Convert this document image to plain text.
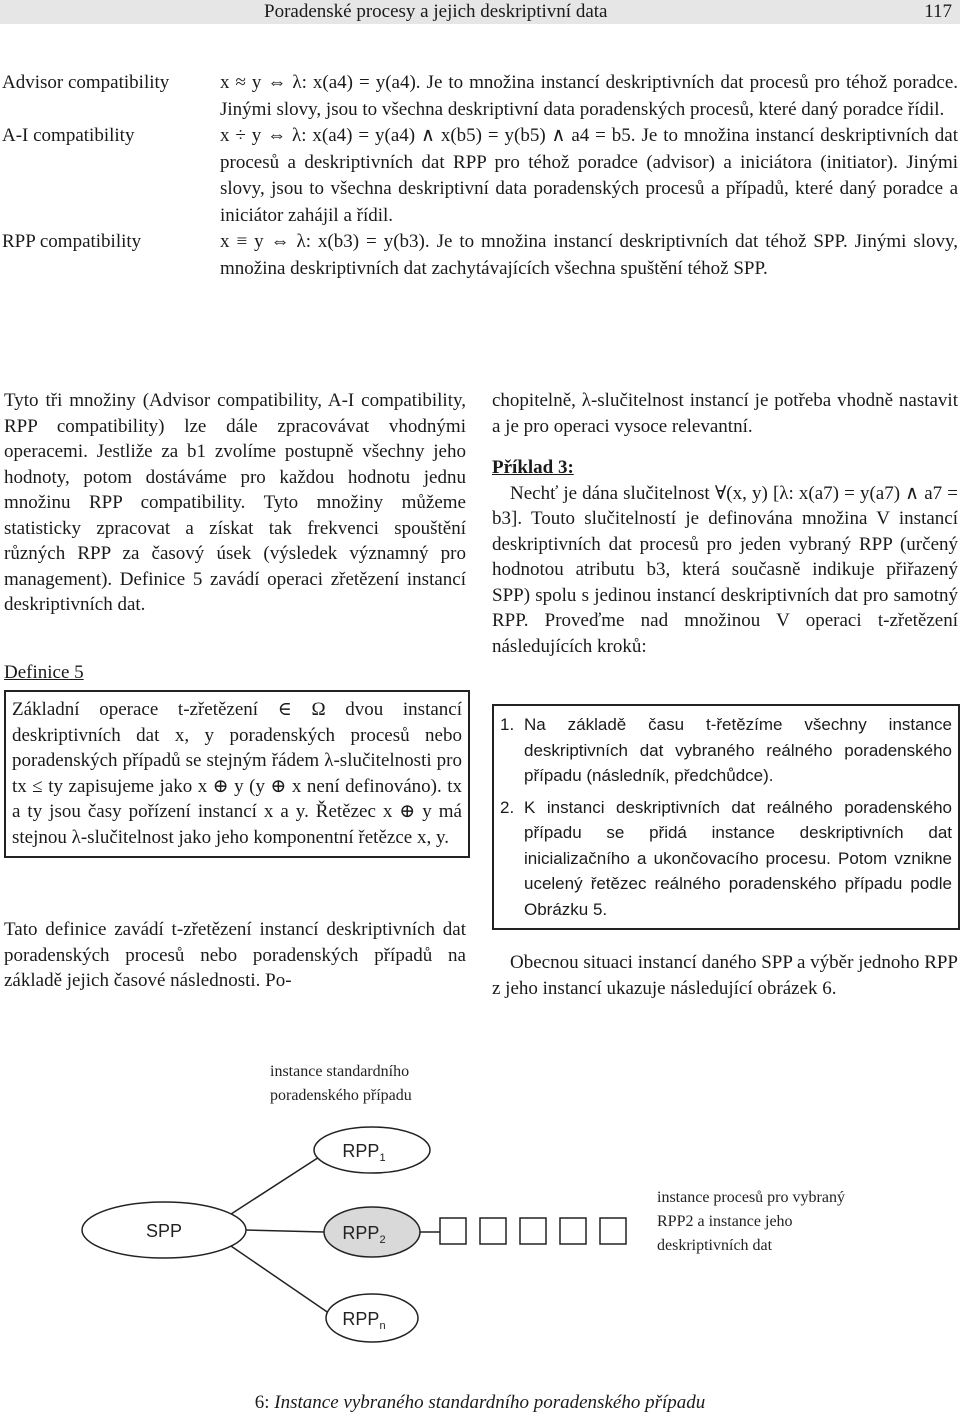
Poradenské procesy a jejich deskriptivní data	117
Advisor compatibility	x ≈ y ⇔ λ: x(a4) = y(a4). Je to množina instancí deskriptivních dat procesů pro téhož poradce. Jinými slovy, jsou to všechna deskriptivní data poradenských procesů, které daný poradce řídil.
A-I compatibility	x ÷ y ⇔ λ: x(a4) = y(a4) ∧ x(b5) = y(b5) ∧ a4 = b5. Je to množina instancí deskriptivních dat procesů a deskriptivních dat RPP pro téhož poradce (advisor) a iniciátora (initiator). Jinými slovy, jsou to všechna deskriptivní data poradenských procesů a případů, které daný poradce a iniciátor zahájil a řídil.
RPP compatibility	x ≡ y ⇔ λ: x(b3) = y(b3). Je to množina instancí deskriptivních dat téhož SPP. Jinými slovy, množina deskriptivních dat zachytávajících všechna spuštění téhož SPP.

Tyto tři množiny (Advisor compatibility, A-I compatibility, RPP compatibility) lze dále zpracovávat vhodnými operacemi. Jestliže za b1 zvolíme postupně všechny jeho hodnoty, potom dostáváme pro každou hodnotu jednu množinu RPP compatibility. Tyto množiny můžeme statisticky zpracovat a získat tak frekvenci spouštění různých RPP za časový úsek (výsledek významný pro management). Definice 5 zavádí operaci zřetězení instancí deskriptivních dat.

Definice 5
Základní operace t-zřetězení ∈ Ω dvou instancí deskriptivních dat x, y poradenských procesů nebo poradenských případů se stejným řádem λ-slučitelnosti pro tx ≤ ty zapisujeme jako x ⊕ y (y ⊕ x není definováno). tx a ty jsou časy pořízení instancí x a y. Řetězec x ⊕ y má stejnou λ-slučitelnost jako jeho komponentní řetězce x, y.

Tato definice zavádí t-zřetězení instancí deskriptivních dat poradenských procesů nebo poradenských případů na základě jejich časové následnosti. Po-

chopitelně, λ-slučitelnost instancí je potřeba vhodně nastavit a je pro operaci vysoce relevantní.

Příklad 3:

Nechť je dána slučitelnost ∀(x, y) [λ: x(a7) = y(a7) ∧ a7 = b3]. Touto slučitelností je definována množina V instancí deskriptivních dat procesů pro jeden vybraný RPP (určený hodnotou atributu b3, která současně indikuje přiřazený SPP) spolu s jedinou instancí deskriptivních dat pro samotný RPP. Proveďme nad množinou V operaci t-zřetězení následujících kroků:

1. Na základě času t-řetězíme všechny instance deskriptivních dat vybraného reálného poradenského případu (následník, předchůdce).
2. K instanci deskriptivních dat reálného poradenského případu se přidá instance deskriptivních dat inicializačního a ukončovacího procesu. Potom vznikne ucelený řetězec reálného poradenského případu podle Obrázku 5.

Obecnou situaci instancí daného SPP a výběr jednoho RPP z jeho instancí ukazuje následující obrázek 6.

instance standardního poradenského případu
instance procesů pro vybraný RPP2 a instance jeho deskriptivních dat
SPP
$RPP_1$
$RPP_2$
$RPP_n$
6: Instance vybraného standardního poradenského případu
